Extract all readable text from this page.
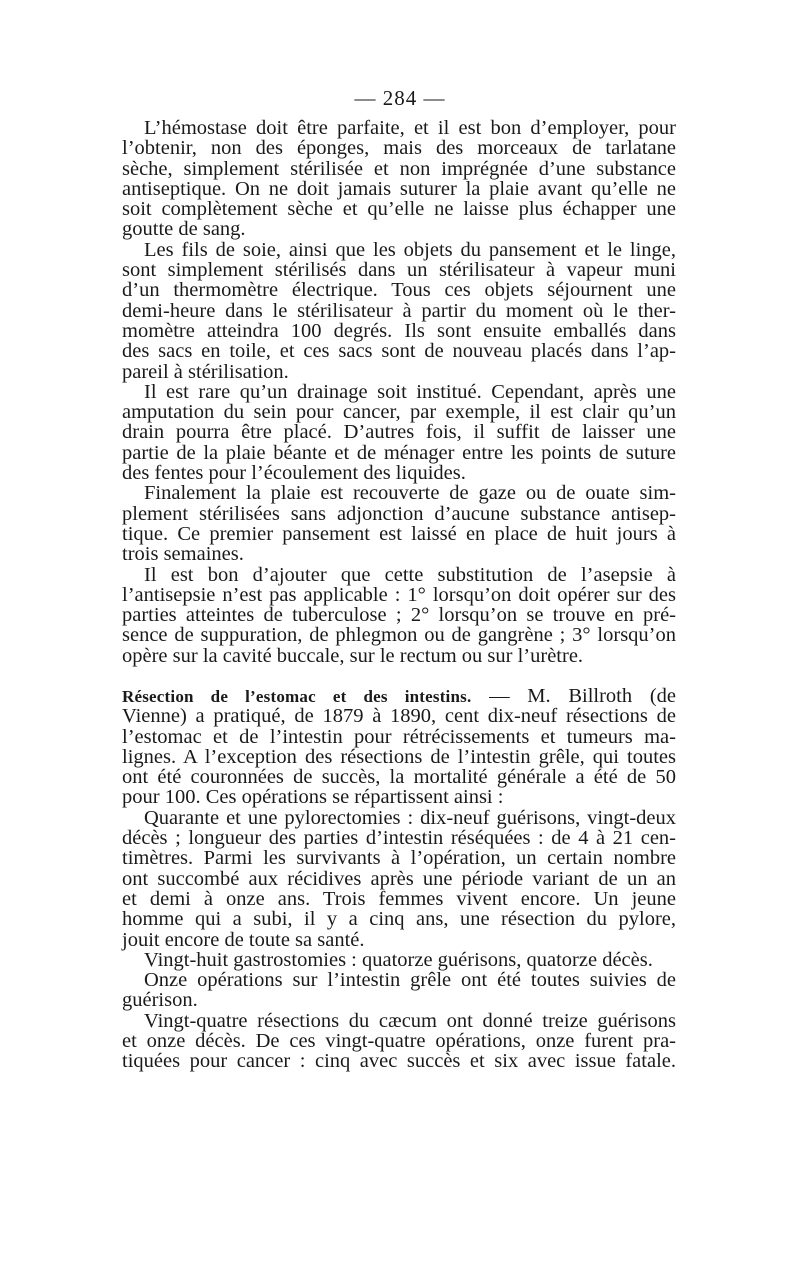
— 284 —
L’hémostase doit être parfaite, et il est bon d’employer, pour
l’obtenir, non des éponges, mais des morceaux de tarlatane
sèche, simplement stérilisée et non imprégnée d’une substance
antiseptique. On ne doit jamais suturer la plaie avant qu’elle ne
soit complètement sèche et qu’elle ne laisse plus échapper une
goutte de sang.
Les fils de soie, ainsi que les objets du pansement et le linge,
sont simplement stérilisés dans un stérilisateur à vapeur muni
d’un thermomètre électrique. Tous ces objets séjournent une
demi-heure dans le stérilisateur à partir du moment où le ther-
momètre atteindra 100 degrés. Ils sont ensuite emballés dans
des sacs en toile, et ces sacs sont de nouveau placés dans l’ap-
pareil à stérilisation.
Il est rare qu’un drainage soit institué. Cependant, après une
amputation du sein pour cancer, par exemple, il est clair qu’un
drain pourra être placé. D’autres fois, il suffit de laisser une
partie de la plaie béante et de ménager entre les points de suture
des fentes pour l’écoulement des liquides.
Finalement la plaie est recouverte de gaze ou de ouate sim-
plement stérilisées sans adjonction d’aucune substance antisep-
tique. Ce premier pansement est laissé en place de huit jours à
trois semaines.
Il est bon d’ajouter que cette substitution de l’asepsie à
l’antisepsie n’est pas applicable : 1° lorsqu’on doit opérer sur des
parties atteintes de tuberculose ; 2° lorsqu’on se trouve en pré-
sence de suppuration, de phlegmon ou de gangrène ; 3° lorsqu’on
opère sur la cavité buccale, sur le rectum ou sur l’urètre.
Résection de l’estomac et des intestins. — M. Billroth (de
Vienne) a pratiqué, de 1879 à 1890, cent dix-neuf résections de
l’estomac et de l’intestin pour rétrécissements et tumeurs ma-
lignes. A l’exception des résections de l’intestin grêle, qui toutes
ont été couronnées de succès, la mortalité générale a été de 50
pour 100. Ces opérations se répartissent ainsi :
Quarante et une pylorectomies : dix-neuf guérisons, vingt-deux
décès ; longueur des parties d’intestin réséquées : de 4 à 21 cen-
timètres. Parmi les survivants à l’opération, un certain nombre
ont succombé aux récidives après une période variant de un an
et demi à onze ans. Trois femmes vivent encore. Un jeune
homme qui a subi, il y a cinq ans, une résection du pylore,
jouit encore de toute sa santé.
Vingt-huit gastrostomies : quatorze guérisons, quatorze décès.
Onze opérations sur l’intestin grêle ont été toutes suivies de
guérison.
Vingt-quatre résections du cæcum ont donné treize guérisons
et onze décès. De ces vingt-quatre opérations, onze furent pra-
tiquées pour cancer : cinq avec succès et six avec issue fatale.
